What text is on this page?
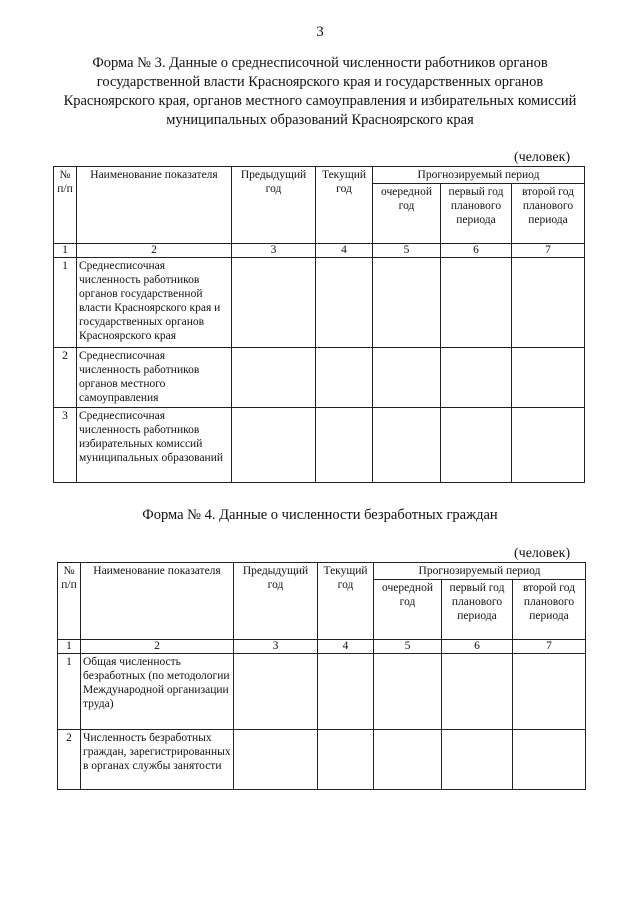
3
Форма № 3. Данные о среднесписочной численности работников органов государственной власти Красноярского края и государственных органов Красноярского края, органов местного самоуправления и избирательных комиссий муниципальных образований Красноярского края
(человек)
№ п/п	Наименование показателя	Предыдущий год	Текущий год	Прогнозируемый период		
				очередной год	первый год планового периода	второй год планового периода
1	2	3	4	5	6	7
1	Среднесписочная численность работников органов государственной власти Красноярского края и государственных органов Красноярского края					
2	Среднесписочная численность работников органов местного самоуправления					
3	Среднесписочная численность работников избирательных комиссий муниципальных образований					
Форма № 4. Данные о численности безработных граждан
(человек)
№ п/п	Наименование показателя	Предыдущий год	Текущий год	Прогнозируемый период		
				очередной год	первый год планового периода	второй год планового периода
1	2	3	4	5	6	7
1	Общая численность безработных (по методологии Международной организации труда)					
2	Численность безработных граждан, зарегистрированных в органах службы занятости					
